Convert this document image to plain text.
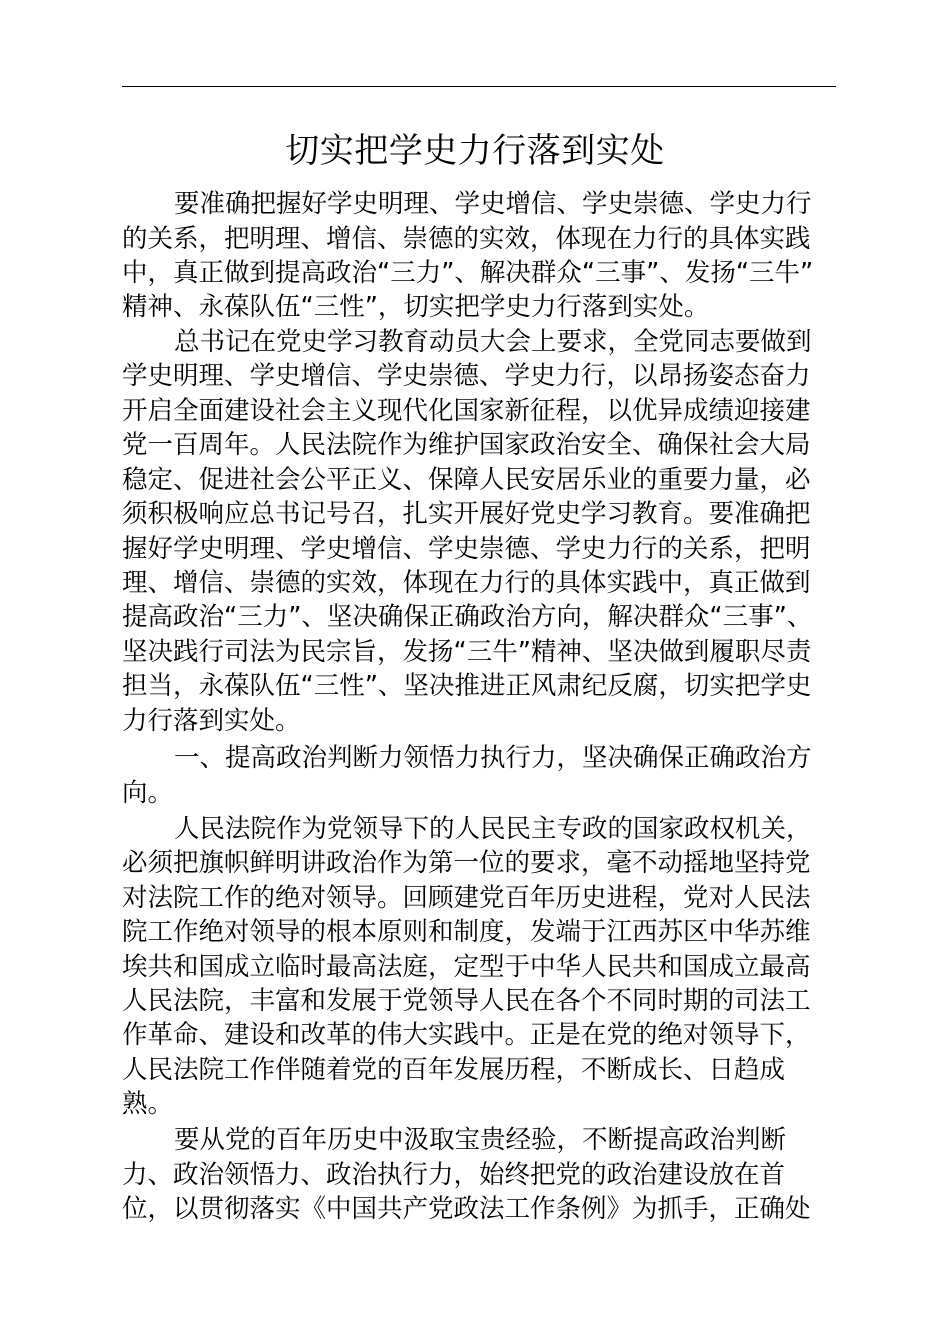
切实把学史力行落到实处
要准确把握好学史明理、学史增信、学史崇德、学史力行
的关系，把明理、增信、崇德的实效，体现在力行的具体实践
中，真正做到提高政治“三力”、解决群众“三事”、发扬“三牛”
精神、永葆队伍“三性”，切实把学史力行落到实处。
总书记在党史学习教育动员大会上要求，全党同志要做到
学史明理、学史增信、学史崇德、学史力行，以昂扬姿态奋力
开启全面建设社会主义现代化国家新征程，以优异成绩迎接建
党一百周年。人民法院作为维护国家政治安全、确保社会大局
稳定、促进社会公平正义、保障人民安居乐业的重要力量，必
须积极响应总书记号召，扎实开展好党史学习教育。要准确把
握好学史明理、学史增信、学史崇德、学史力行的关系，把明
理、增信、崇德的实效，体现在力行的具体实践中，真正做到
提高政治“三力”、坚决确保正确政治方向，解决群众“三事”、
坚决践行司法为民宗旨，发扬“三牛”精神、坚决做到履职尽责
担当，永葆队伍“三性”、坚决推进正风肃纪反腐，切实把学史
力行落到实处。
一、提高政治判断力领悟力执行力，坚决确保正确政治方
向。
人民法院作为党领导下的人民民主专政的国家政权机关，
必须把旗帜鲜明讲政治作为第一位的要求，毫不动摇地坚持党
对法院工作的绝对领导。回顾建党百年历史进程，党对人民法
院工作绝对领导的根本原则和制度，发端于江西苏区中华苏维
埃共和国成立临时最高法庭，定型于中华人民共和国成立最高
人民法院，丰富和发展于党领导人民在各个不同时期的司法工
作革命、建设和改革的伟大实践中。正是在党的绝对领导下，
人民法院工作伴随着党的百年发展历程，不断成长、日趋成
熟。
要从党的百年历史中汲取宝贵经验，不断提高政治判断
力、政治领悟力、政治执行力，始终把党的政治建设放在首
位，以贯彻落实《中国共产党政法工作条例》为抓手，正确处
